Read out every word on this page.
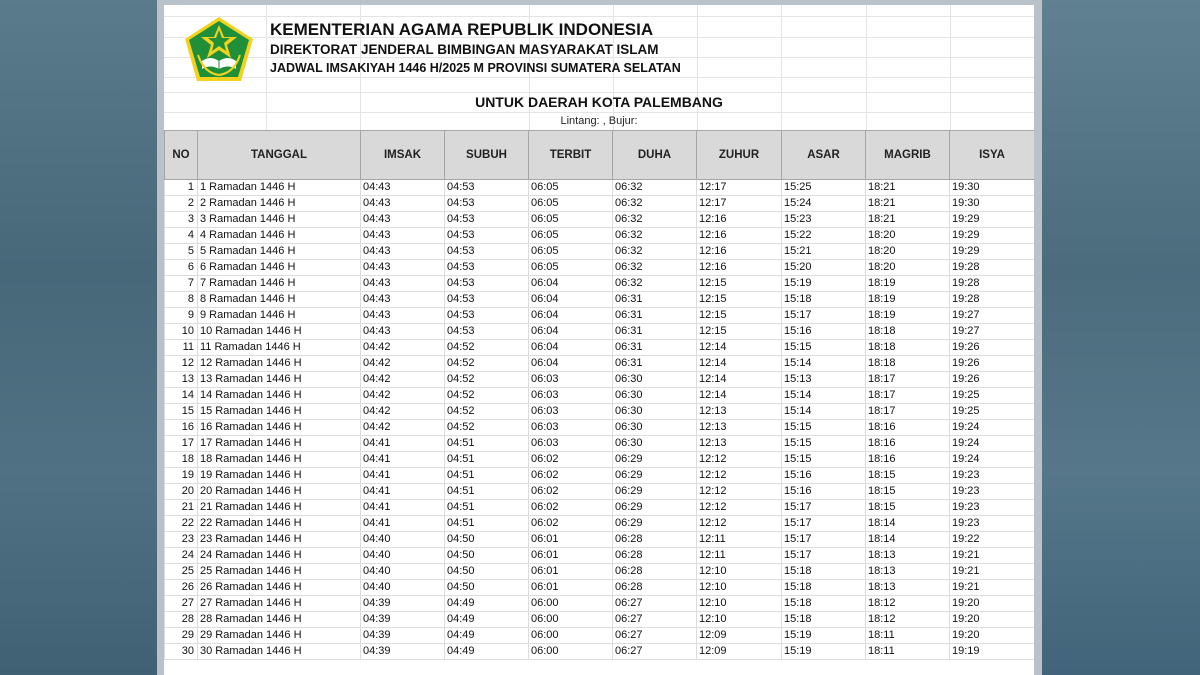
KEMENTERIAN AGAMA REPUBLIK INDONESIA
DIREKTORAT JENDERAL BIMBINGAN MASYARAKAT ISLAM
JADWAL IMSAKIYAH 1446 H/2025 M PROVINSI SUMATERA SELATAN
UNTUK DAERAH KOTA PALEMBANG
Lintang: , Bujur:
NO	TANGGAL	IMSAK	SUBUH	TERBIT	DUHA	ZUHUR	ASAR	MAGRIB	ISYA
1	1 Ramadan 1446 H	04:43	04:53	06:05	06:32	12:17	15:25	18:21	19:30
2	2 Ramadan 1446 H	04:43	04:53	06:05	06:32	12:17	15:24	18:21	19:30
3	3 Ramadan 1446 H	04:43	04:53	06:05	06:32	12:16	15:23	18:21	19:29
4	4 Ramadan 1446 H	04:43	04:53	06:05	06:32	12:16	15:22	18:20	19:29
5	5 Ramadan 1446 H	04:43	04:53	06:05	06:32	12:16	15:21	18:20	19:29
6	6 Ramadan 1446 H	04:43	04:53	06:05	06:32	12:16	15:20	18:20	19:28
7	7 Ramadan 1446 H	04:43	04:53	06:04	06:32	12:15	15:19	18:19	19:28
8	8 Ramadan 1446 H	04:43	04:53	06:04	06:31	12:15	15:18	18:19	19:28
9	9 Ramadan 1446 H	04:43	04:53	06:04	06:31	12:15	15:17	18:19	19:27
10	10 Ramadan 1446 H	04:43	04:53	06:04	06:31	12:15	15:16	18:18	19:27
11	11 Ramadan 1446 H	04:42	04:52	06:04	06:31	12:14	15:15	18:18	19:26
12	12 Ramadan 1446 H	04:42	04:52	06:04	06:31	12:14	15:14	18:18	19:26
13	13 Ramadan 1446 H	04:42	04:52	06:03	06:30	12:14	15:13	18:17	19:26
14	14 Ramadan 1446 H	04:42	04:52	06:03	06:30	12:14	15:14	18:17	19:25
15	15 Ramadan 1446 H	04:42	04:52	06:03	06:30	12:13	15:14	18:17	19:25
16	16 Ramadan 1446 H	04:42	04:52	06:03	06:30	12:13	15:15	18:16	19:24
17	17 Ramadan 1446 H	04:41	04:51	06:03	06:30	12:13	15:15	18:16	19:24
18	18 Ramadan 1446 H	04:41	04:51	06:02	06:29	12:12	15:15	18:16	19:24
19	19 Ramadan 1446 H	04:41	04:51	06:02	06:29	12:12	15:16	18:15	19:23
20	20 Ramadan 1446 H	04:41	04:51	06:02	06:29	12:12	15:16	18:15	19:23
21	21 Ramadan 1446 H	04:41	04:51	06:02	06:29	12:12	15:17	18:15	19:23
22	22 Ramadan 1446 H	04:41	04:51	06:02	06:29	12:12	15:17	18:14	19:23
23	23 Ramadan 1446 H	04:40	04:50	06:01	06:28	12:11	15:17	18:14	19:22
24	24 Ramadan 1446 H	04:40	04:50	06:01	06:28	12:11	15:17	18:13	19:21
25	25 Ramadan 1446 H	04:40	04:50	06:01	06:28	12:10	15:18	18:13	19:21
26	26 Ramadan 1446 H	04:40	04:50	06:01	06:28	12:10	15:18	18:13	19:21
27	27 Ramadan 1446 H	04:39	04:49	06:00	06:27	12:10	15:18	18:12	19:20
28	28 Ramadan 1446 H	04:39	04:49	06:00	06:27	12:10	15:18	18:12	19:20
29	29 Ramadan 1446 H	04:39	04:49	06:00	06:27	12:09	15:19	18:11	19:20
30	30 Ramadan 1446 H	04:39	04:49	06:00	06:27	12:09	15:19	18:11	19:19
